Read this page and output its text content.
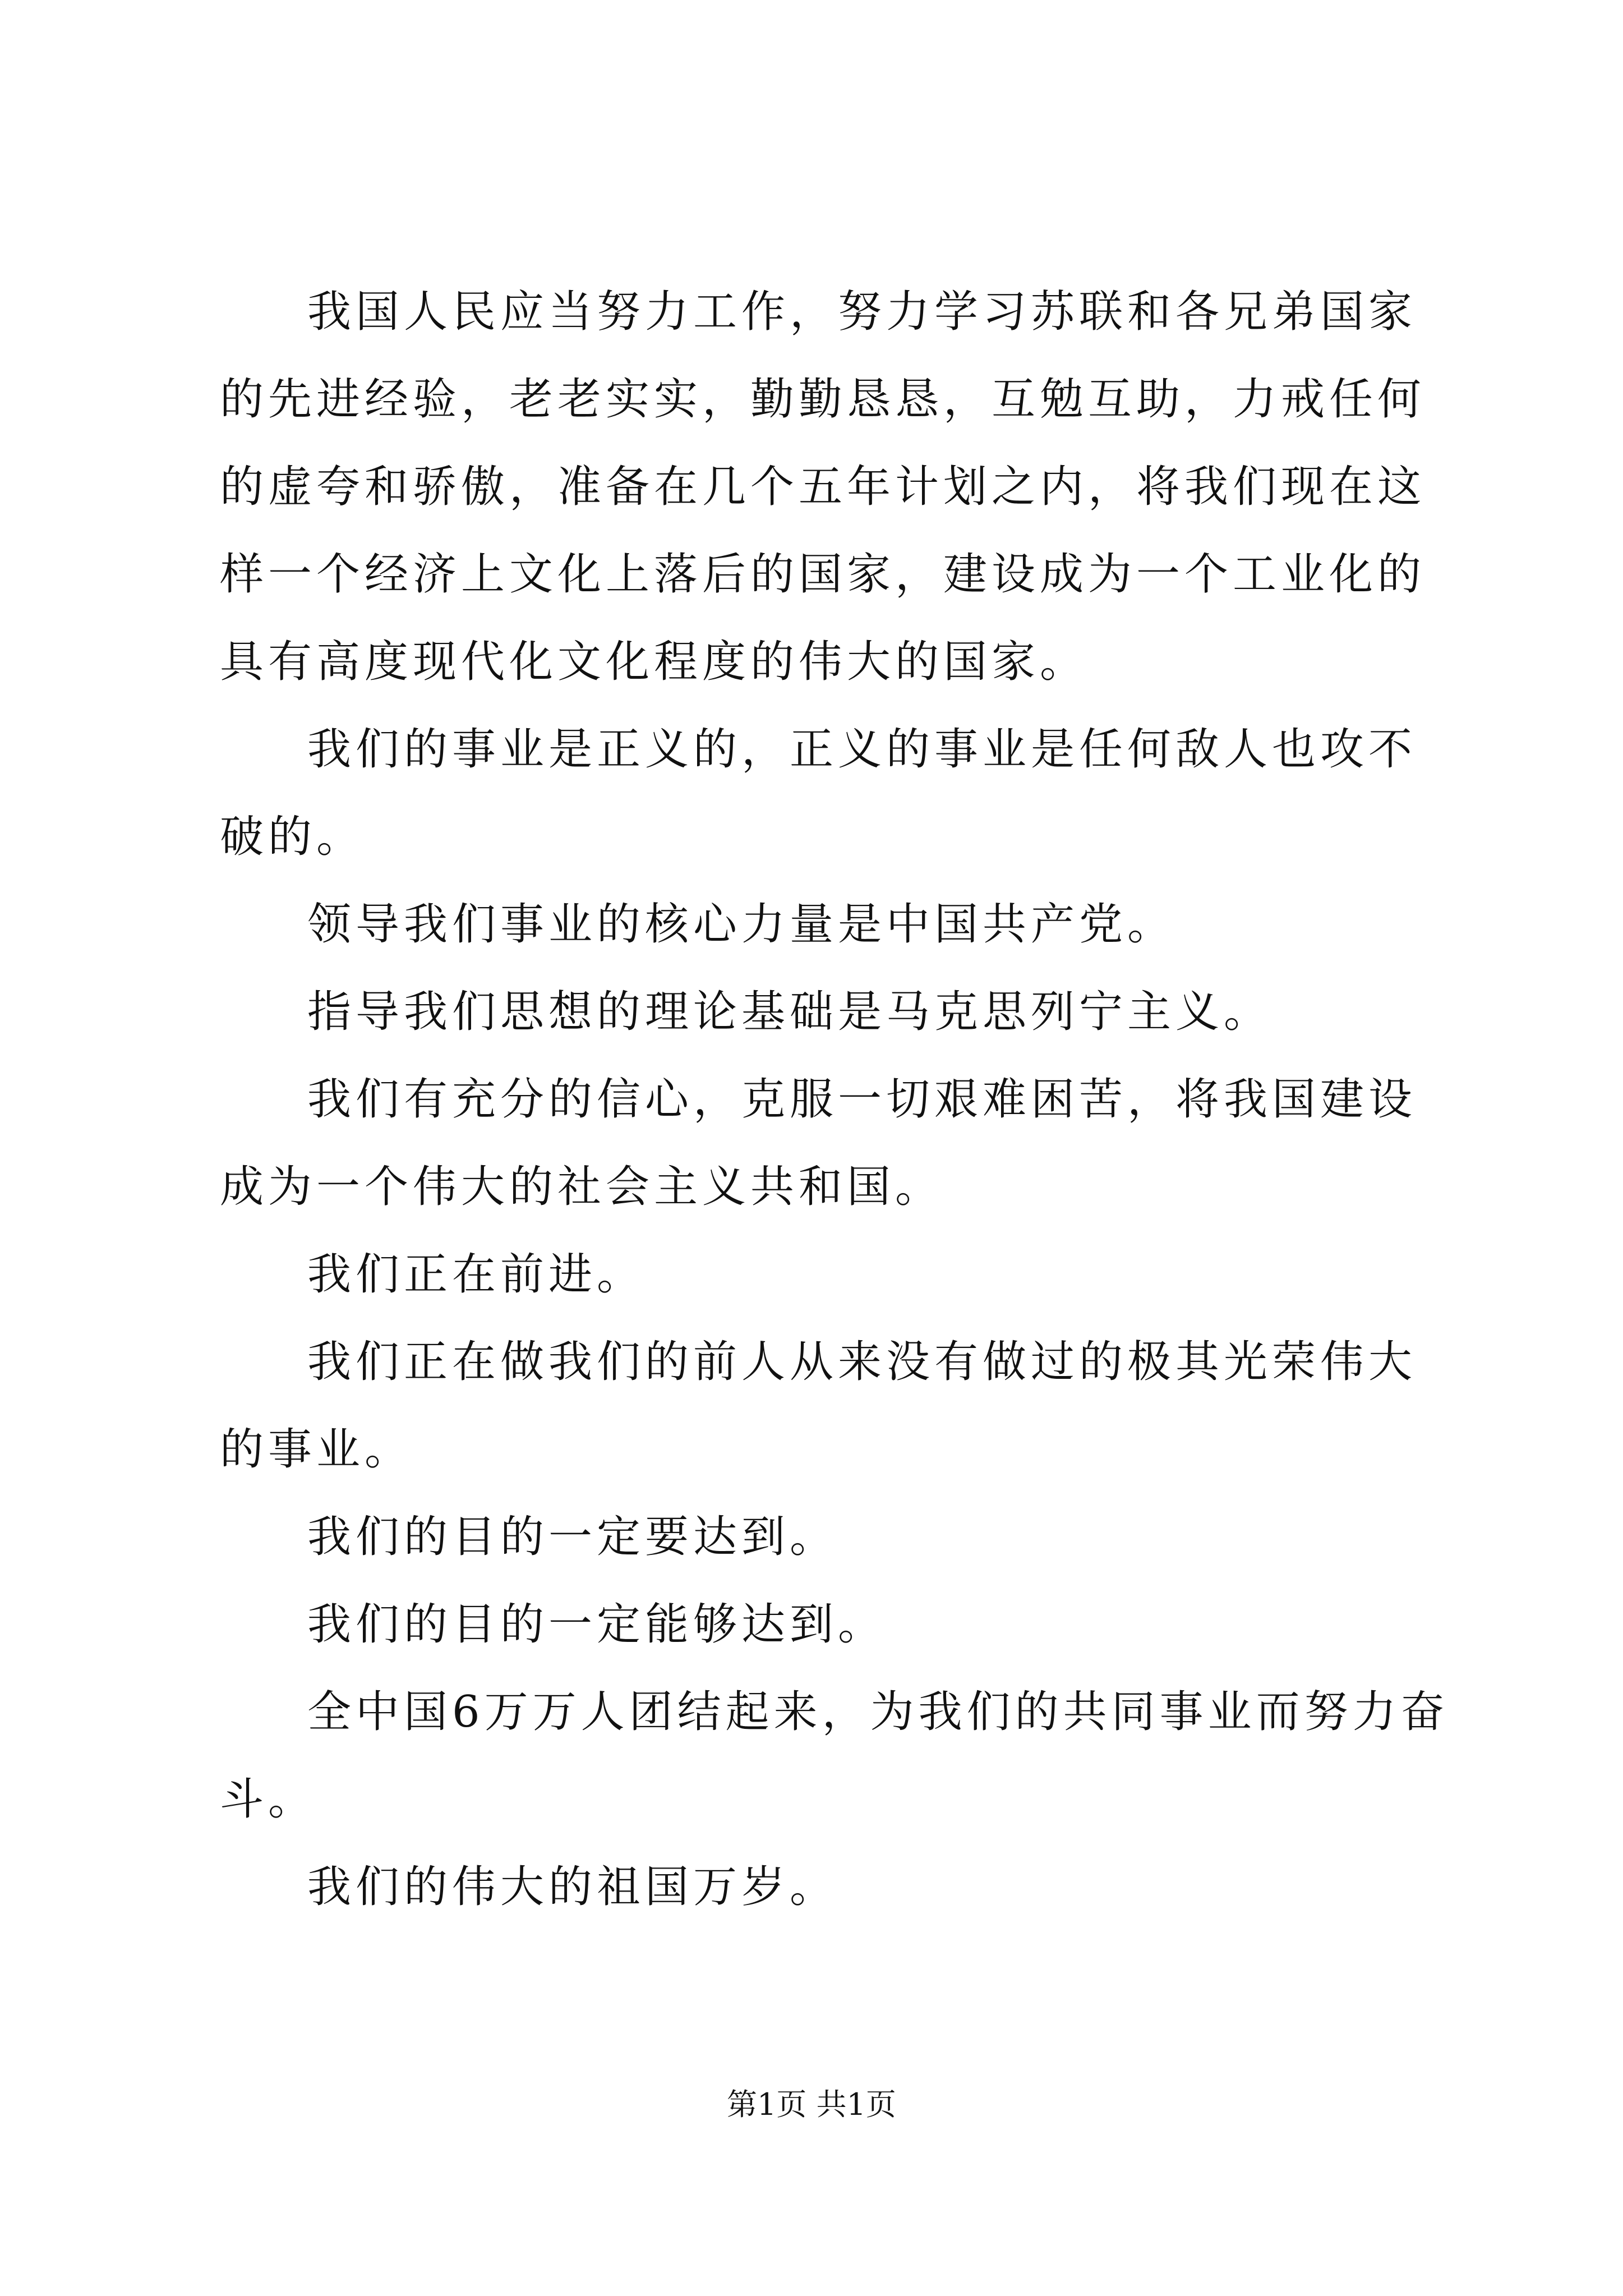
我国人民应当努力工作，努力学习苏联和各兄弟国家的先进经验，老老实实，勤勤恳恳，互勉互助，力戒任何的虚夸和骄傲，准备在几个五年计划之内，将我们现在这样一个经济上文化上落后的国家，建设成为一个工业化的具有高度现代化文化程度的伟大的国家。

我们的事业是正义的，正义的事业是任何敌人也攻不破的。

领导我们事业的核心力量是中国共产党。

指导我们思想的理论基础是马克思列宁主义。

我们有充分的信心，克服一切艰难困苦，将我国建设成为一个伟大的社会主义共和国。

我们正在前进。

我们正在做我们的前人从来没有做过的极其光荣伟大的事业。

我们的目的一定要达到。

我们的目的一定能够达到。

全中国6万万人团结起来，为我们的共同事业而努力奋斗。

我们的伟大的祖国万岁。

第1页 共1页
